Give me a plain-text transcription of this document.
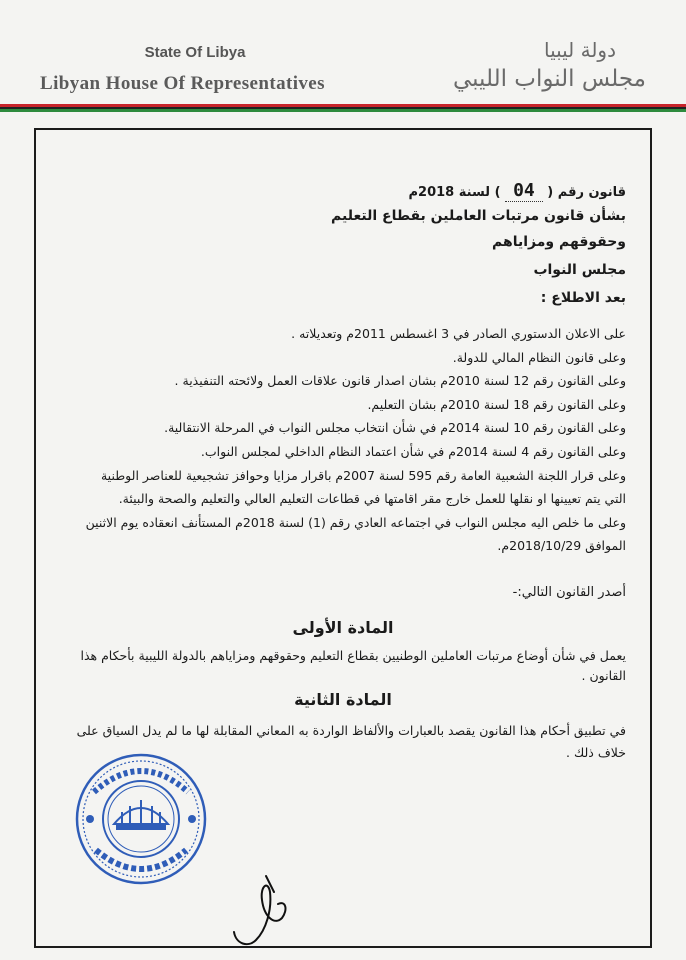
State Of Libya
Libyan House Of Representatives
دولة ليبيا
مجلس النواب الليبي
قانون رقم ( 04 ) لسنة 2018م
بشأن قانون مرتبات العاملين بقطاع التعليم
وحقوقهم ومزاياهم
مجلس النواب
بعد الاطلاع :
على الاعلان الدستوري الصادر في 3 اغسطس 2011م وتعديلاته .
وعلى قانون النظام المالي للدولة.
وعلى القانون رقم 12 لسنة 2010م بشان اصدار قانون علاقات العمل ولائحته التنفيذية .
وعلى القانون رقم 18 لسنة 2010م بشان التعليم.
وعلى القانون رقم 10 لسنة 2014م في شأن انتخاب مجلس النواب في المرحلة الانتقالية.
وعلى القانون رقم 4 لسنة 2014م في شأن اعتماد النظام الداخلي لمجلس النواب.
وعلى قرار اللجنة الشعبية العامة رقم 595 لسنة 2007م باقرار مزايا وحوافز تشجيعية للعناصر الوطنية
التي يتم تعيينها او نقلها للعمل خارج مقر اقامتها في قطاعات التعليم العالي والتعليم والصحة والبيئة.
وعلى ما خلص اليه مجلس النواب في اجتماعه العادي رقم (1) لسنة 2018م المستأنف انعقاده يوم الاثنين
الموافق 2018/10/29م.
أصدر القانون التالي:-
المادة الأولى
يعمل في شأن أوضاع مرتبات العاملين الوطنيين بقطاع التعليم وحقوقهم ومزاياهم بالدولة الليبية بأحكام هذا
القانون .
المادة الثانية
في تطبيق أحكام هذا القانون يقصد بالعبارات والألفاظ الواردة به المعاني المقابلة لها ما لم يدل السياق على
خلاف ذلك .
